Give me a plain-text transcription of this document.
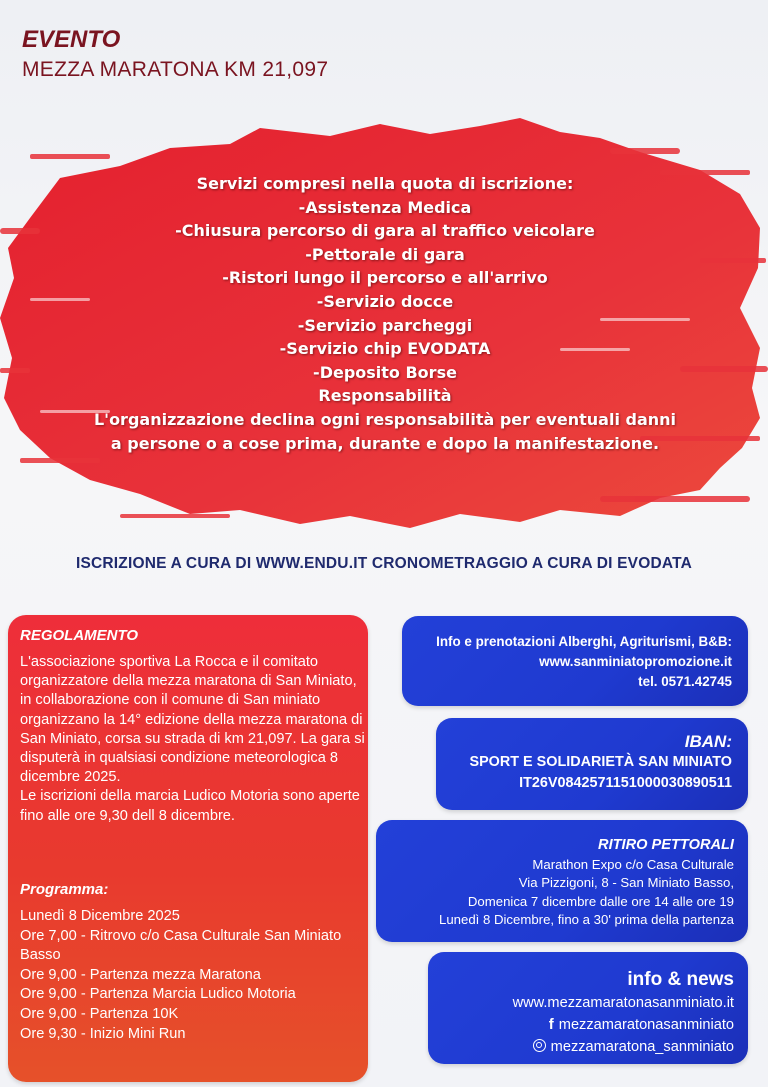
EVENTO
MEZZA MARATONA KM 21,097
Servizi compresi nella quota di iscrizione:
-Assistenza Medica
-Chiusura percorso di gara al traffico veicolare
-Pettorale di gara
-Ristori lungo il percorso e all'arrivo
-Servizio docce
-Servizio parcheggi
-Servizio chip EVODATA
-Deposito Borse
Responsabilità
L'organizzazione declina ogni responsabilità per eventuali danni a persone o a cose prima, durante e dopo la manifestazione.
ISCRIZIONE A CURA DI WWW.ENDU.IT CRONOMETRAGGIO A CURA DI EVODATA
REGOLAMENTO
L'associazione sportiva La Rocca e il comitato organizzatore della mezza maratona di San Miniato, in collaborazione con il comune di San miniato organizzano la 14° edizione della mezza maratona di San Miniato, corsa su strada di km 21,097. La gara si disputerà in qualsiasi condizione meteorologica 8 dicembre 2025.
Le iscrizioni della marcia Ludico Motoria sono aperte fino alle ore 9,30 dell 8 dicembre.
Programma:
Lunedì 8 Dicembre 2025
Ore 7,00 - Ritrovo c/o Casa Culturale San Miniato Basso
Ore 9,00 - Partenza mezza Maratona
Ore 9,00 - Partenza Marcia Ludico Motoria
Ore 9,00 - Partenza 10K
Ore 9,30 - Inizio Mini Run
Info e prenotazioni Alberghi, Agriturismi, B&B:
www.sanminiatopromozione.it
tel. 0571.42745
IBAN:
SPORT E SOLIDARIETÀ SAN MINIATO
IT26V0842571151000030890511
RITIRO PETTORALI
Marathon Expo c/o Casa Culturale
Via Pizzigoni, 8 - San Miniato Basso,
Domenica 7 dicembre dalle ore 14 alle ore 19
Lunedì 8 Dicembre, fino a 30' prima della partenza
info & news
www.mezzamaratonasanminiato.it
f mezzamaratonasanminiato
mezzamaratona_sanminiato
